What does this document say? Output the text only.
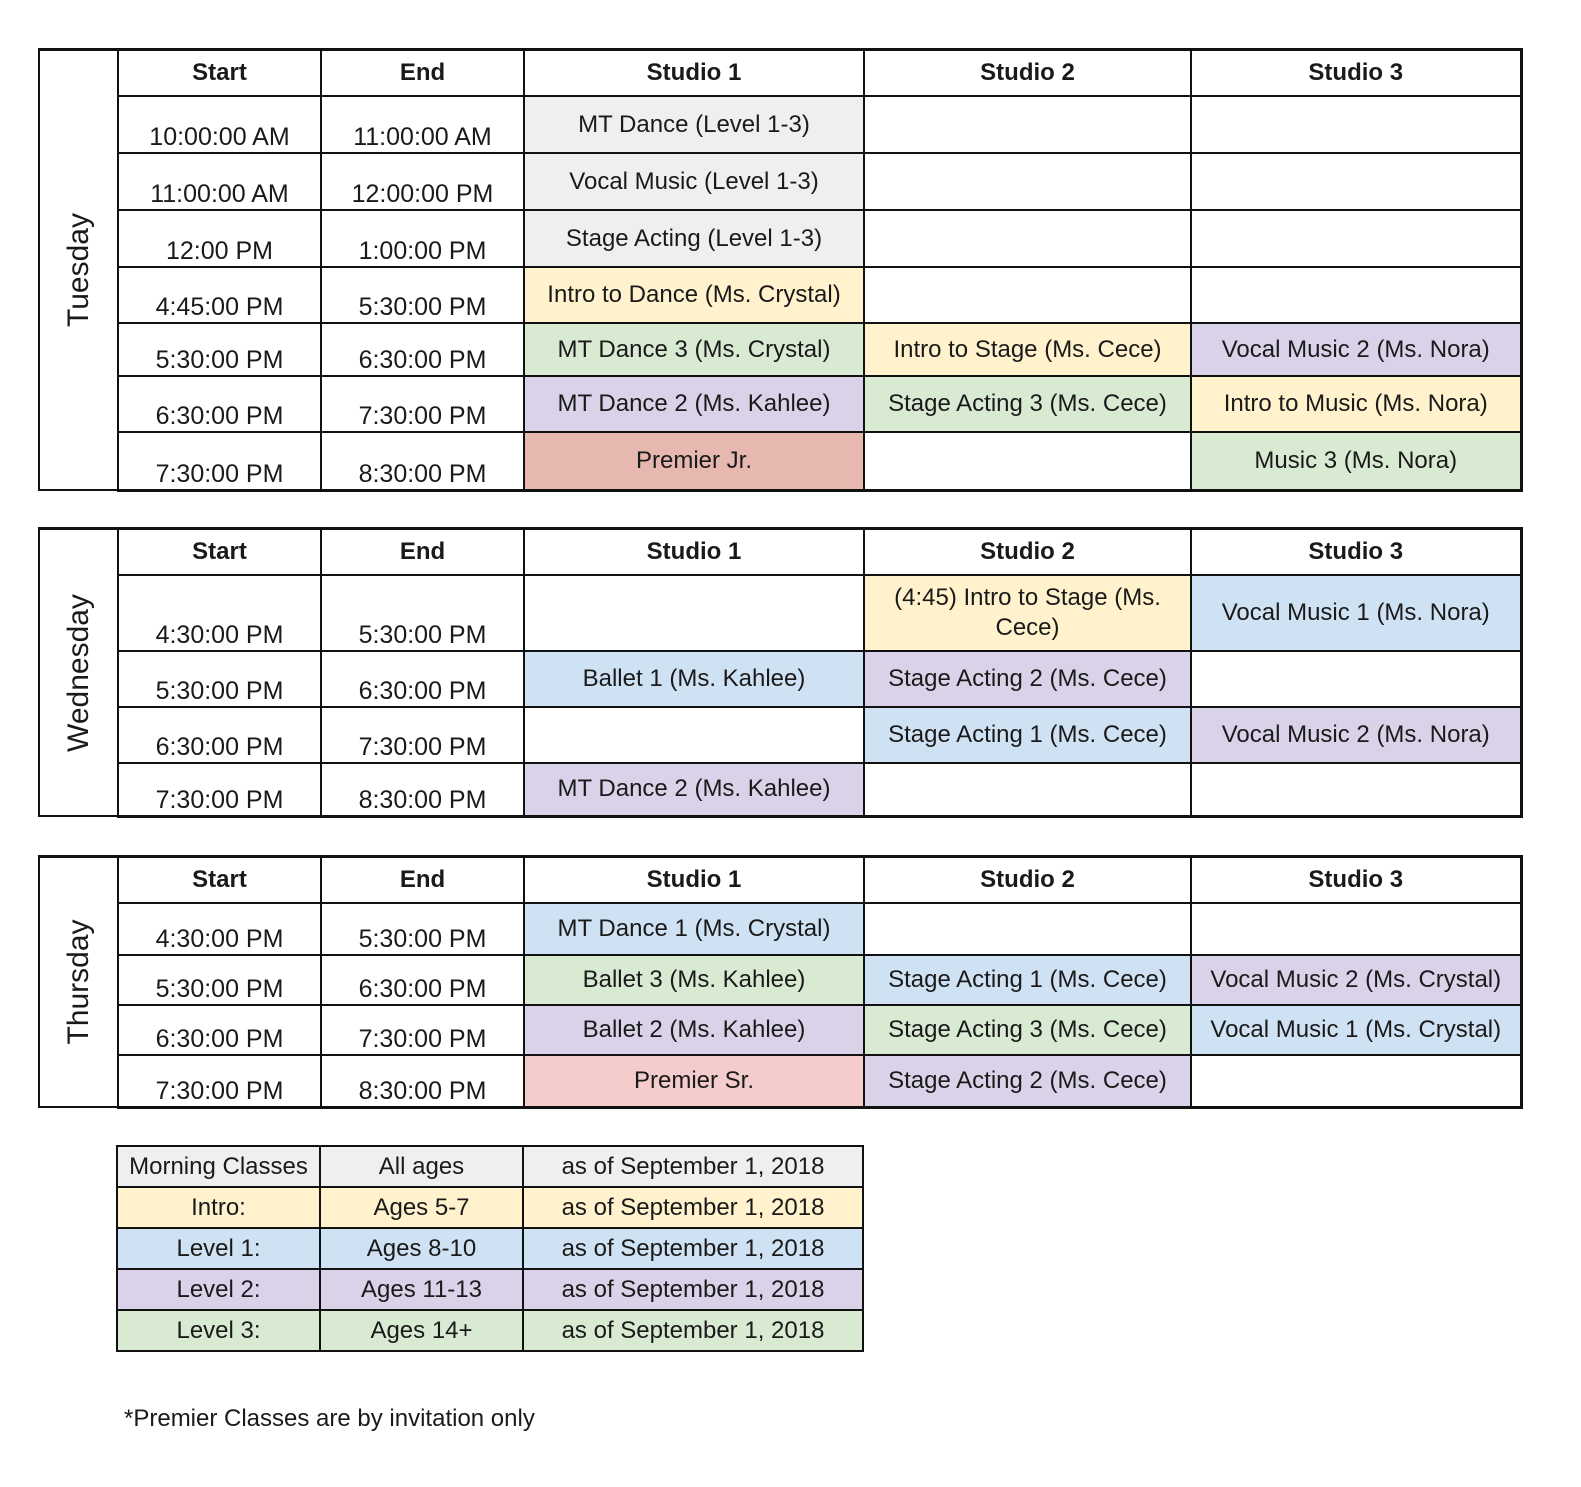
Tuesday	Start	End	Studio 1	Studio 2	Studio 3
	10:00:00 AM	11:00:00 AM	MT Dance (Level 1-3)		
	11:00:00 AM	12:00:00 PM	Vocal Music (Level 1-3)		
	12:00 PM	1:00:00 PM	Stage Acting (Level 1-3)		
	4:45:00 PM	5:30:00 PM	Intro to Dance (Ms. Crystal)		
	5:30:00 PM	6:30:00 PM	MT Dance 3 (Ms. Crystal)	Intro to Stage (Ms. Cece)	Vocal Music 2 (Ms. Nora)
	6:30:00 PM	7:30:00 PM	MT Dance 2 (Ms. Kahlee)	Stage Acting 3 (Ms. Cece)	Intro to Music (Ms. Nora)
	7:30:00 PM	8:30:00 PM	Premier Jr.		Music 3 (Ms. Nora)
Wednesday	Start	End	Studio 1	Studio 2	Studio 3
	4:30:00 PM	5:30:00 PM		(4:45) Intro to Stage (Ms. Cece)	Vocal Music 1 (Ms. Nora)
	5:30:00 PM	6:30:00 PM	Ballet 1 (Ms. Kahlee)	Stage Acting 2 (Ms. Cece)	
	6:30:00 PM	7:30:00 PM		Stage Acting 1 (Ms. Cece)	Vocal Music 2 (Ms. Nora)
	7:30:00 PM	8:30:00 PM	MT Dance 2 (Ms. Kahlee)		
Thursday	Start	End	Studio 1	Studio 2	Studio 3
	4:30:00 PM	5:30:00 PM	MT Dance 1 (Ms. Crystal)		
	5:30:00 PM	6:30:00 PM	Ballet 3 (Ms. Kahlee)	Stage Acting 1 (Ms. Cece)	Vocal Music 2 (Ms. Crystal)
	6:30:00 PM	7:30:00 PM	Ballet 2 (Ms. Kahlee)	Stage Acting 3 (Ms. Cece)	Vocal Music 1 (Ms. Crystal)
	7:30:00 PM	8:30:00 PM	Premier Sr.	Stage Acting 2 (Ms. Cece)	
Morning Classes	All ages	as of September 1, 2018
Intro:	Ages 5-7	as of September 1, 2018
Level 1:	Ages 8-10	as of September 1, 2018
Level 2:	Ages 11-13	as of September 1, 2018
Level 3:	Ages 14+	as of September 1, 2018
*Premier Classes are by invitation only
